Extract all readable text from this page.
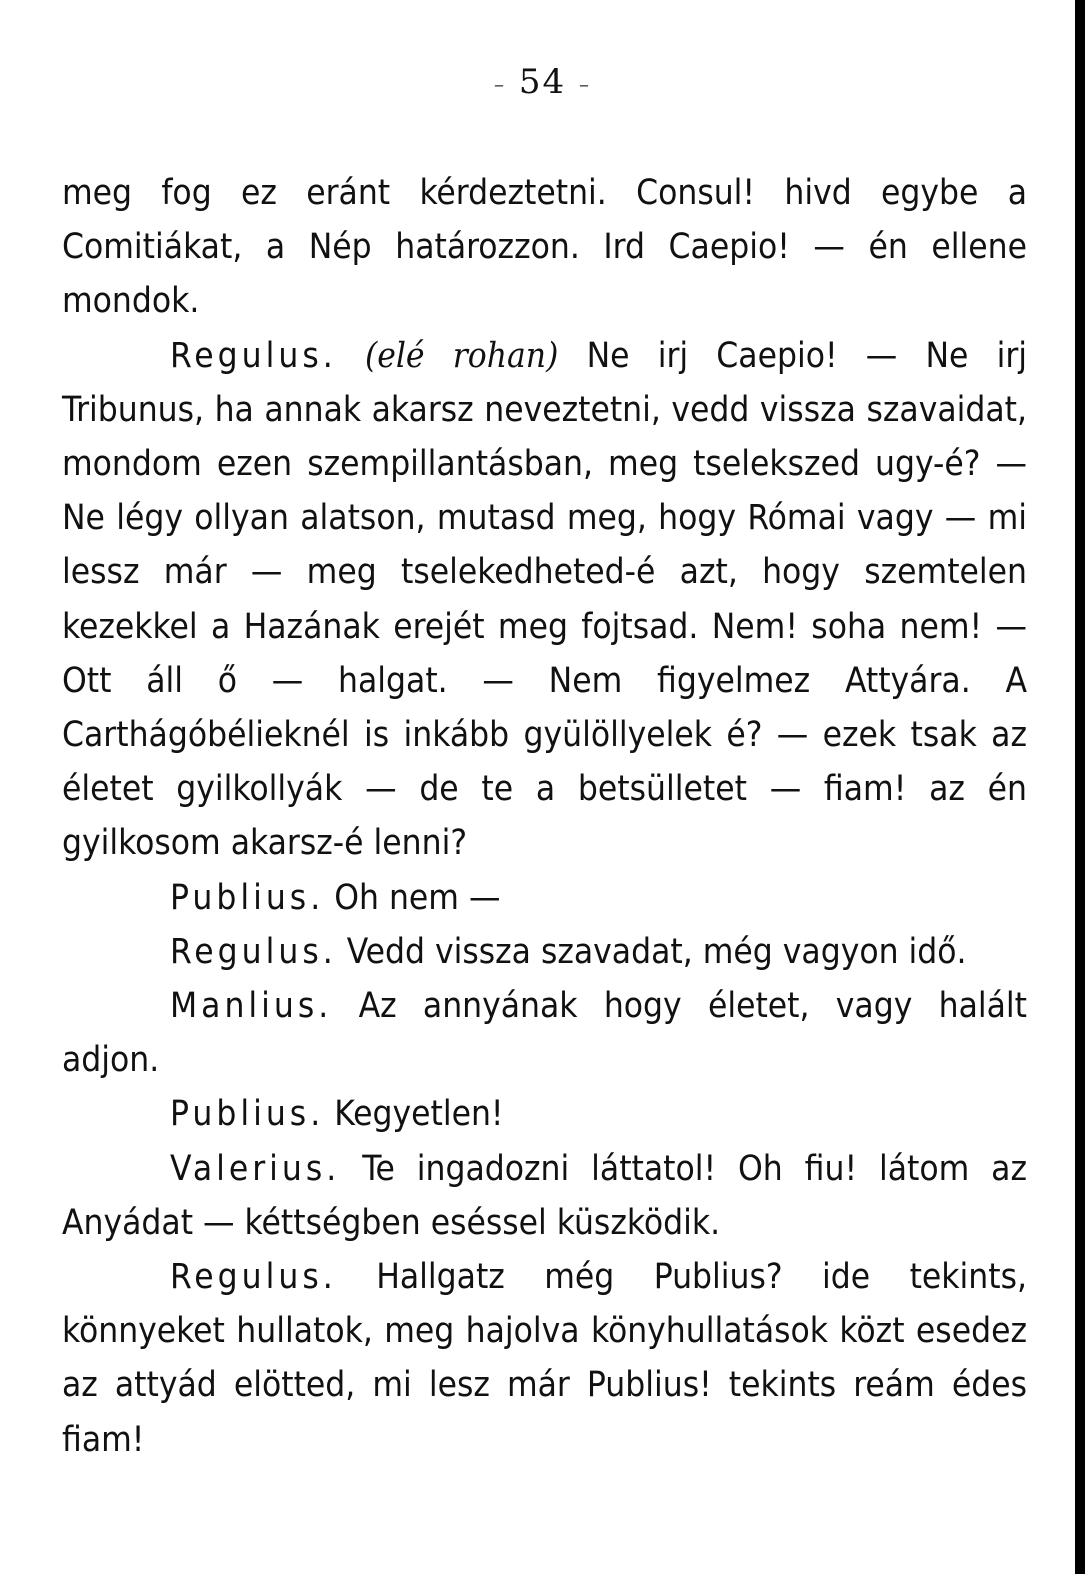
– 54 –

meg fog ez eránt kérdeztetni. Consul! hivd egybe a Comitiákat, a Nép határozzon. Ird Caepio! — én ellene mondok.

Regulus. (elé rohan) Ne irj Caepio! — Ne irj Tribunus, ha annak akarsz neveztetni, vedd vissza szavaidat, mondom ezen szempillantásban, meg tselekszed ugy-é? — Ne légy ollyan alatson, mutasd meg, hogy Római vagy — mi lessz már — meg tselekedheted-é azt, hogy szemtelen kezekkel a Hazának erejét meg fojtsad. Nem! soha nem! — Ott áll ő — halgat. — Nem figyelmez Attyára. A Carthágóbélieknél is inkább gyülöllyelek é? — ezek tsak az életet gyilkollyák — de te a betsülletet — fiam! az én gyilkosom akarsz-é lenni?

Publius. Oh nem —

Regulus. Vedd vissza szavadat, még vagyon idő.

Manlius. Az annyának hogy életet, vagy halált adjon.

Publius. Kegyetlen!

Valerius. Te ingadozni láttatol! Oh fiu! látom az Anyádat — kéttségben eséssel küszködik.

Regulus. Hallgatz még Publius? ide tekints, könnyeket hullatok, meg hajolva könyhullatások közt esedez az attyád elötted, mi lesz már Publius! tekints reám édes fiam!
